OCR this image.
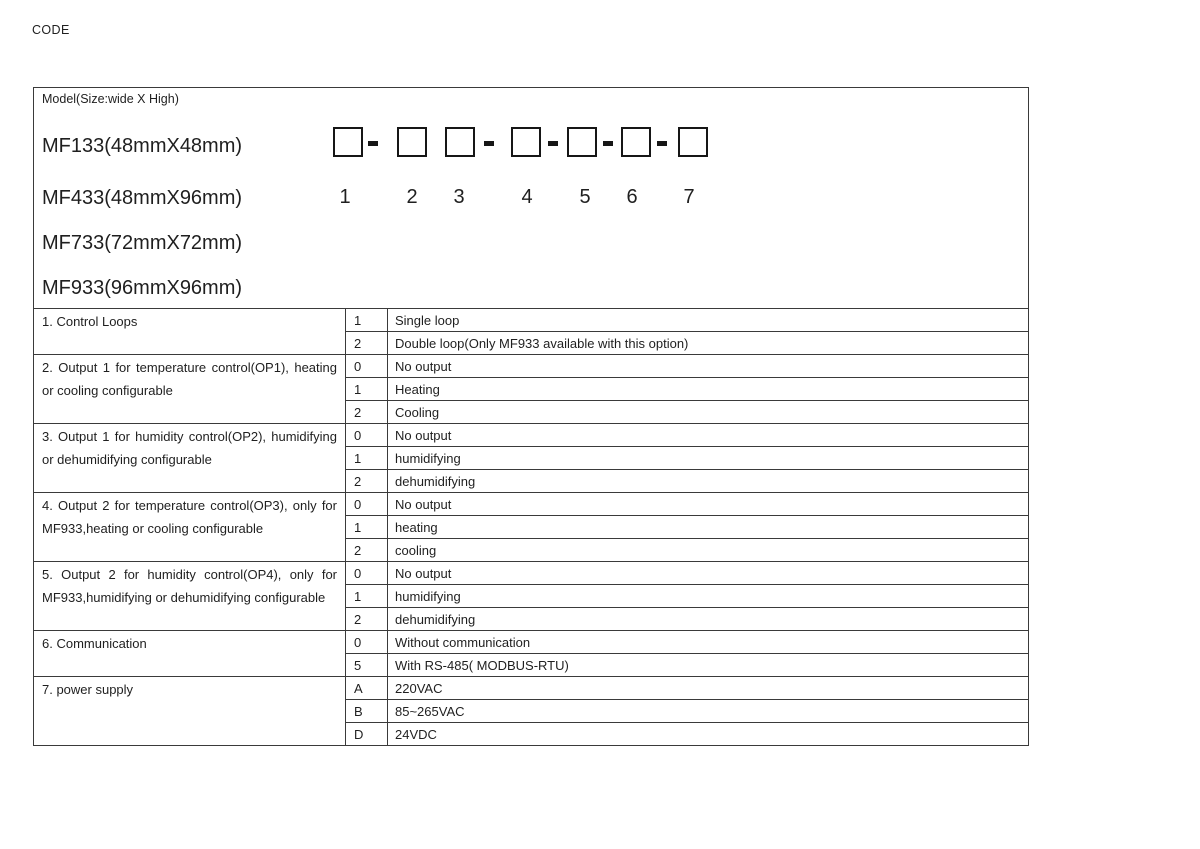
CODE
Model(Size:wide X High)
MF133(48mmX48mm)
MF433(48mmX96mm)
MF733(72mmX72mm)
MF933(96mmX96mm)
1	2	3	4	5	6	7

1. Control Loops	1	Single loop
	2	Double loop(Only MF933 available with this option)
2. Output 1 for temperature control(OP1), heating or cooling configurable	0	No output
	1	Heating
	2	Cooling
3. Output 1 for humidity control(OP2), humidifying or dehumidifying configurable	0	No output
	1	humidifying
	2	dehumidifying
4. Output 2 for temperature control(OP3), only for MF933,heating or cooling configurable	0	No output
	1	heating
	2	cooling
5. Output 2 for humidity control(OP4), only for MF933,humidifying or dehumidifying configurable	0	No output
	1	humidifying
	2	dehumidifying
6. Communication	0	Without communication
	5	With RS-485( MODBUS-RTU)
7. power supply	A	220VAC
	B	85~265VAC
	D	24VDC
